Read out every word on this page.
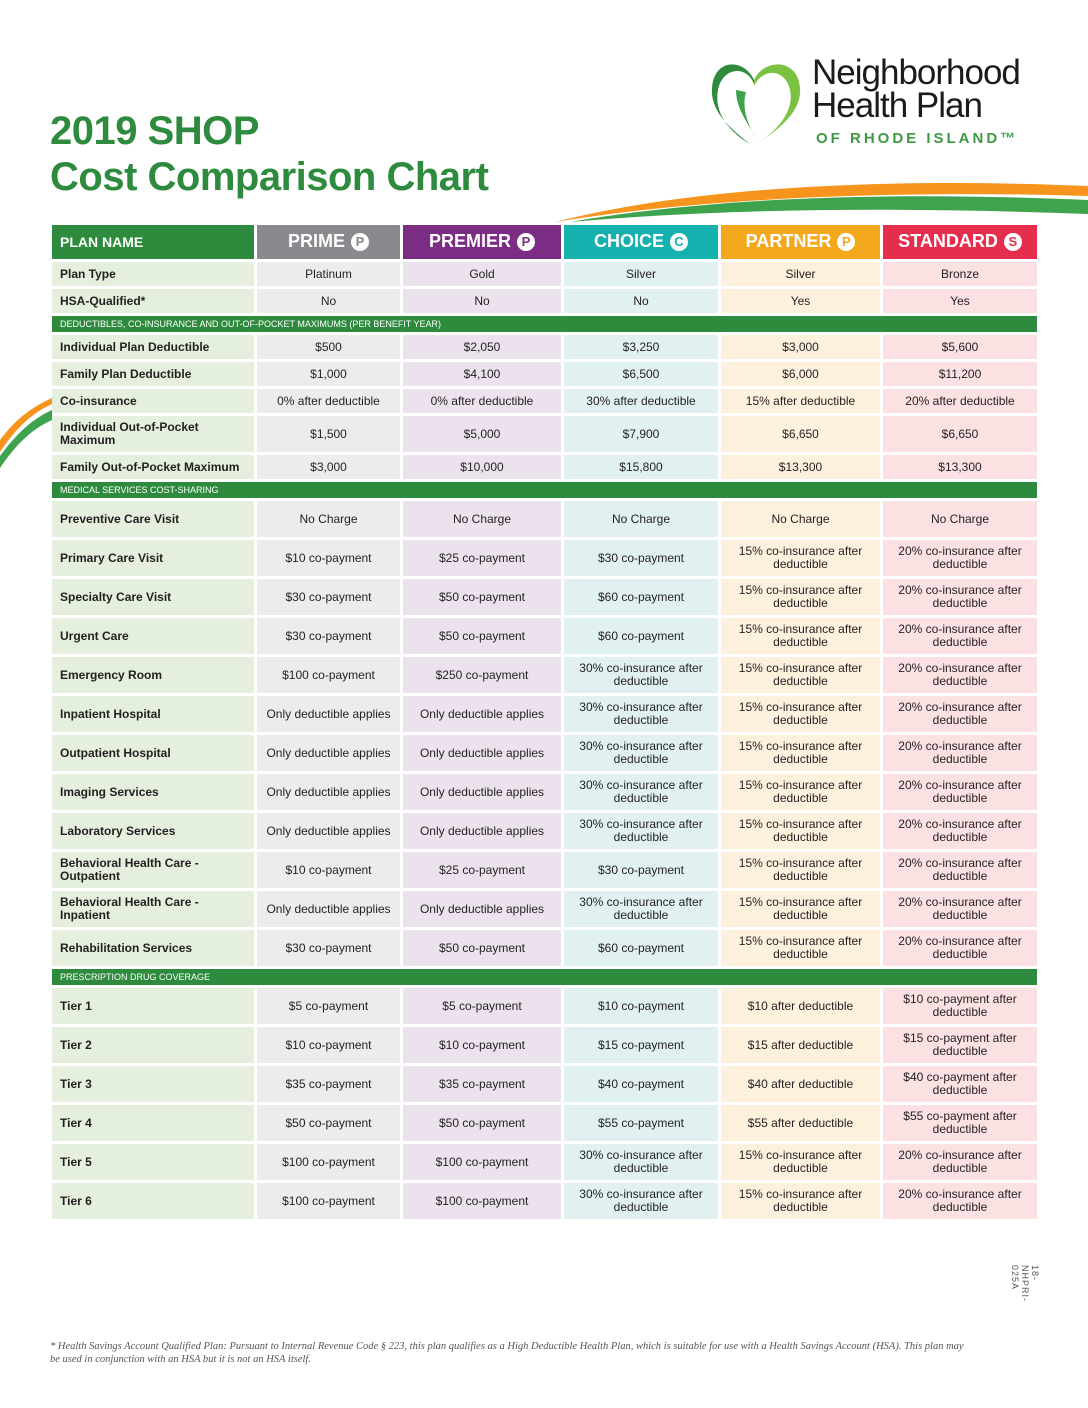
2019 SHOP
Cost Comparison Chart
Neighborhood
Health Plan
OF RHODE ISLAND™
PLAN NAME	PRIME P	PREMIER P	CHOICE C	PARTNER P	STANDARD S
Plan Type	Platinum	Gold	Silver	Silver	Bronze
HSA-Qualified*	No	No	No	Yes	Yes
DEDUCTIBLES, CO-INSURANCE AND OUT-OF-POCKET MAXIMUMS (PER BENEFIT YEAR)					
Individual Plan Deductible	$500	$2,050	$3,250	$3,000	$5,600
Family Plan Deductible	$1,000	$4,100	$6,500	$6,000	$11,200
Co-insurance	0% after deductible	0% after deductible	30% after deductible	15% after deductible	20% after deductible
Individual Out-of-Pocket Maximum	$1,500	$5,000	$7,900	$6,650	$6,650
Family Out-of-Pocket Maximum	$3,000	$10,000	$15,800	$13,300	$13,300
MEDICAL SERVICES COST-SHARING					
Preventive Care Visit	No Charge	No Charge	No Charge	No Charge	No Charge
Primary Care Visit	$10 co-payment	$25 co-payment	$30 co-payment	15% co-insurance after deductible	20% co-insurance after deductible
Specialty Care Visit	$30 co-payment	$50 co-payment	$60 co-payment	15% co-insurance after deductible	20% co-insurance after deductible
Urgent Care	$30 co-payment	$50 co-payment	$60 co-payment	15% co-insurance after deductible	20% co-insurance after deductible
Emergency Room	$100 co-payment	$250 co-payment	30% co-insurance after deductible	15% co-insurance after deductible	20% co-insurance after deductible
Inpatient Hospital	Only deductible applies	Only deductible applies	30% co-insurance after deductible	15% co-insurance after deductible	20% co-insurance after deductible
Outpatient Hospital	Only deductible applies	Only deductible applies	30% co-insurance after deductible	15% co-insurance after deductible	20% co-insurance after deductible
Imaging Services	Only deductible applies	Only deductible applies	30% co-insurance after deductible	15% co-insurance after deductible	20% co-insurance after deductible
Laboratory Services	Only deductible applies	Only deductible applies	30% co-insurance after deductible	15% co-insurance after deductible	20% co-insurance after deductible
Behavioral Health Care - Outpatient	$10 co-payment	$25 co-payment	$30 co-payment	15% co-insurance after deductible	20% co-insurance after deductible
Behavioral Health Care - Inpatient	Only deductible applies	Only deductible applies	30% co-insurance after deductible	15% co-insurance after deductible	20% co-insurance after deductible
Rehabilitation Services	$30 co-payment	$50 co-payment	$60 co-payment	15% co-insurance after deductible	20% co-insurance after deductible
PRESCRIPTION DRUG COVERAGE					
Tier 1	$5 co-payment	$5 co-payment	$10 co-payment	$10 after deductible	$10 co-payment after deductible
Tier 2	$10 co-payment	$10 co-payment	$15 co-payment	$15 after deductible	$15 co-payment after deductible
Tier 3	$35 co-payment	$35 co-payment	$40 co-payment	$40 after deductible	$40 co-payment after deductible
Tier 4	$50 co-payment	$50 co-payment	$55 co-payment	$55 after deductible	$55 co-payment after deductible
Tier 5	$100 co-payment	$100 co-payment	30% co-insurance after deductible	15% co-insurance after deductible	20% co-insurance after deductible
Tier 6	$100 co-payment	$100 co-payment	30% co-insurance after deductible	15% co-insurance after deductible	20% co-insurance after deductible
* Health Savings Account Qualified Plan: Pursuant to Internal Revenue Code § 223, this plan qualifies as a High Deductible Health Plan, which is suitable for use with a Health Savings Account (HSA). This plan may be used in conjunction with an HSA but it is not an HSA itself.
18-NHPRI-025A
